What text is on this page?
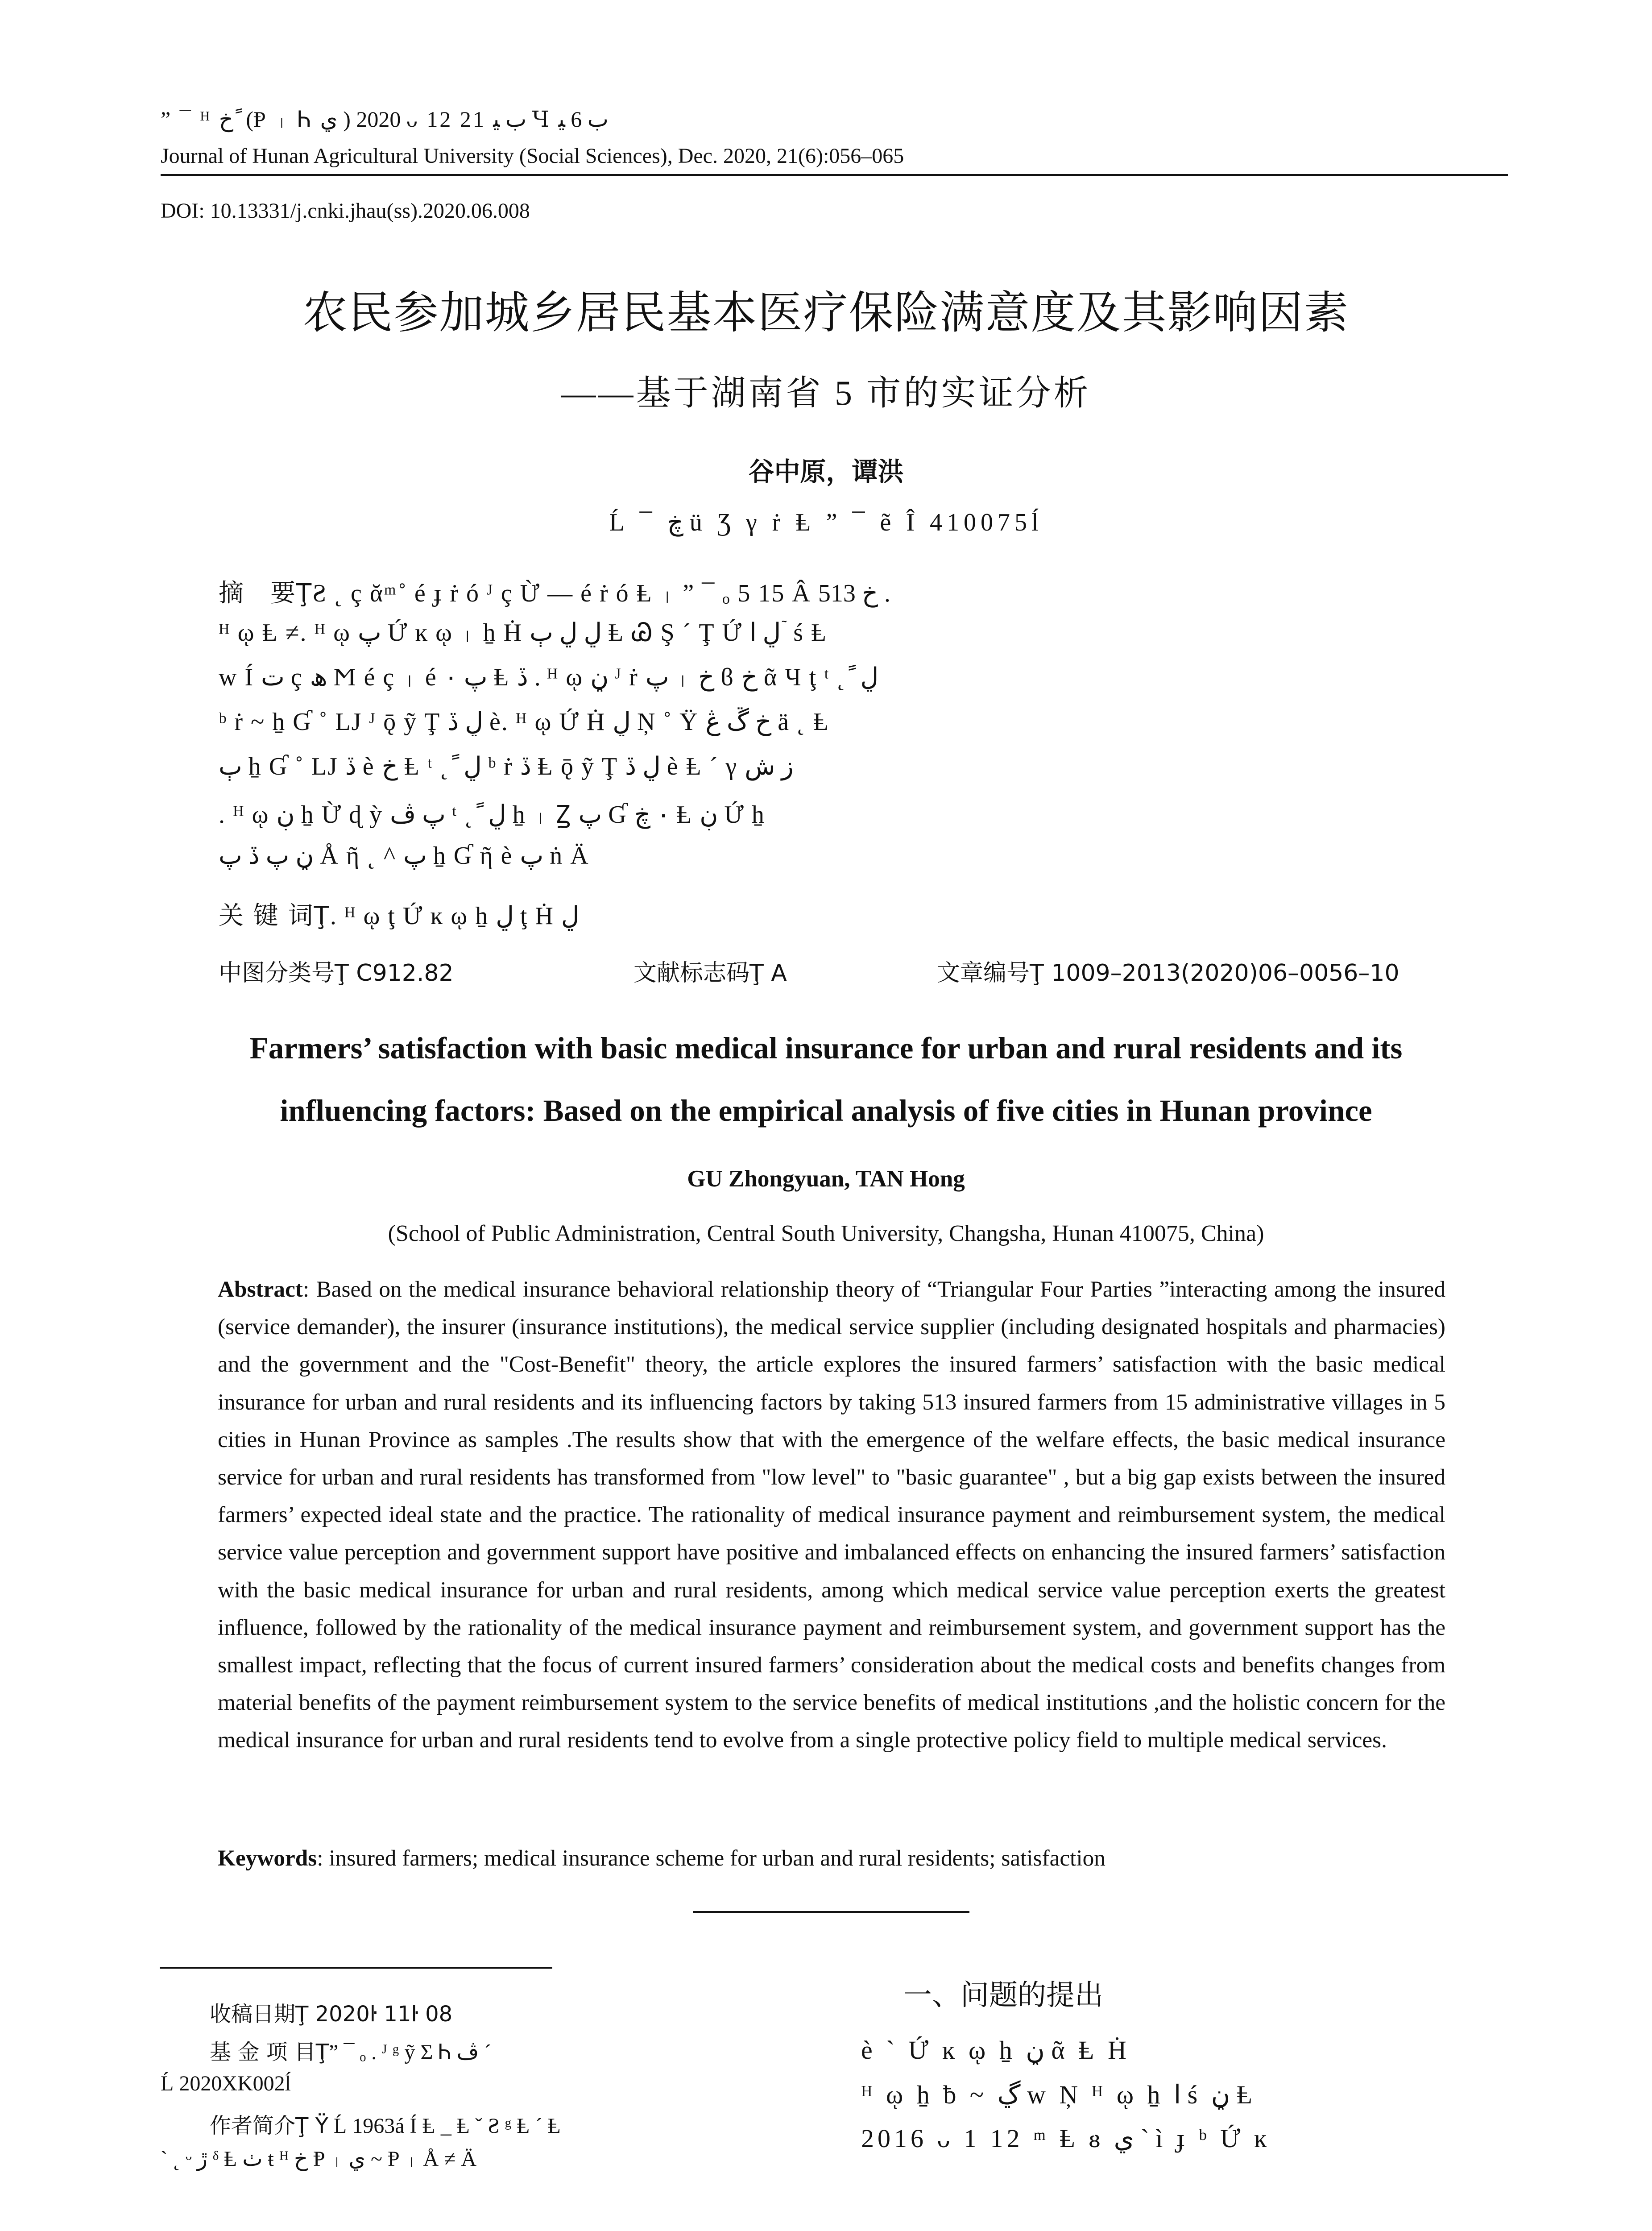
” ¯ ᴴ خ ً (Ᵽ ᛧ Ꮒ ي ) 2020 ᴗ 12 21 ب ﯿ Ɥ ب 6 ﯿ
Journal of Hunan Agricultural University (Social Sciences), Dec. 2020, 21(6):056–065
DOI: 10.13331/j.cnki.jhau(ss).2020.06.008
农民参加城乡居民基本医疗保险满意度及其影响因素
——基于湖南省 5 市的实证分析
谷中原，谭洪
Ĺ ¯ ڿ ü Ʒ γ ṙ Ⱡ ” ¯ ẽ Î 410075ĺ
摘　要ŢƧ ˛ ç ᾰ ͫ ˚ é ɟ ṙ ó ᴶ ç Ừ — é ṙ ó Ⱡ ᛧ ” ¯ ₒ 5 15 Â خ 513 .
ᴴ ῳ Ⱡ ≠. ᴴ ῳ پ Ứ ĸ ῳ ᛧ ẖ Ḣ ڸ ڸ ٻ Ⱡ Ꮚ Ş ´ Ţ Ứ ڸ ا ٙ ś Ⱡ
ᴡ Í ت ç ھ Ϻ é ç ᛧ é پ ٠ Ⱡ ڏ . ᴴ ῳ ڼ ᴶ ṙ پ ᛧ خ ϐ خ ᾶ Ч ţ ᵗ ˛ ً ڸ
ᵇ ṙ ~ ẖ Ɠ ˚ LJ ᴶ ǭ ỹ Ţ ڸ ڏ è. ᴴ ῳ Ứ Ḣ ڸ Ņ ˚ Ÿ خ ڴ ڠ ä ˛ Ⱡ
ٻ ẖ Ɠ ˚ LJ ڏ è خ Ⱡ ᵗ ˛ ً ڸ ᵇ ṙ ڏ Ⱡ ǭ ỹ Ţ ڸ ڏ è Ⱡ ´ γ ز ش
. ᴴ ῳ ڹ ẖ Ừ ɖ ỳ پ ڤ ᵗ ˛ ً ڸ ẖ ᛧ Ꙁ پ Ɠ ٠ ڿ Ⱡ ڹ Ứ ẖ
ڼ پ ڏ پ Å ῆ ˛ ^ پ ẖ Ɠ ῆ è پ ṅ Ä
关 键 词Ţ. ᴴ ῳ ţ Ứ ĸ ῳ ẖ ڸ ţ Ḣ ڸ
中图分类号Ţ C912.82	文献标志码Ţ A	文章编号Ţ 1009–2013(2020)06–0056–10
Farmers’ satisfaction with basic medical insurance for urban and rural residents and its
influencing factors: Based on the empirical analysis of five cities in Hunan province
GU Zhongyuan, TAN Hong
(School of Public Administration, Central South University, Changsha, Hunan 410075, China)
Abstract: Based on the medical insurance behavioral relationship theory of “Triangular Four Parties ”interacting among the insured (service demander), the insurer (insurance institutions), the medical service supplier (including designated hospitals and pharmacies) and the government and the "Cost-Benefit" theory, the article explores the insured farmers’ satisfaction with the basic medical insurance for urban and rural residents and its influencing factors by taking 513 insured farmers from 15 administrative villages in 5 cities in Hunan Province as samples .The results show that with the emergence of the welfare effects, the basic medical insurance service for urban and rural residents has transformed from "low level" to "basic guarantee" , but a big gap exists between the insured farmers’ expected ideal state and the practice. The rationality of medical insurance payment and reimbursement system, the medical service value perception and government support have positive and imbalanced effects on enhancing the insured farmers’ satisfaction with the basic medical insurance for urban and rural residents, among which medical service value perception exerts the greatest influence, followed by the rationality of the medical insurance payment and reimbursement system, and government support has the smallest impact, reflecting that the focus of current insured farmers’ consideration about the medical costs and benefits changes from material benefits of the payment reimbursement system to the service benefits of medical institutions ,and the holistic concern for the medical insurance for urban and rural residents tend to evolve from a single protective policy field to multiple medical services.
Keywords: insured farmers; medical insurance scheme for urban and rural residents; satisfaction
收稿日期Ţ 2020ŀ 11ŀ 08
基 金 项 目Ţ” ¯ ₒ . ᴶ ᵍ ỹ Ʃ Ꮒ ڤ ´
Ĺ 2020XK002ĺ
作者简介Ţ Ÿ Ĺ 1963á Í Ⱡ _ Ⱡ ˇ Ƨ ᵍ Ⱡ ´ Ⱡ
` ˛ ᵕ ڙ ᵟ Ⱡ ٺ ŧ ᴴ خ Ᵽ ᛧ ي ~ Ᵽ ᛧ Å ≠ Ä
一、问题的提出
è ` Ứ ĸ ῳ ẖ ڼ ᾶ Ⱡ Ḣ
ᴴ ῳ ẖ ƀ ~ ڲ ᴡ Ņ ᴴ ῳ ẖ ا ś ڼ Ⱡ
2016 ᴗ 1 12 ᵐ Ⱡ ᴕ ي ` ì ɟ ᵇ Ứ ĸ
